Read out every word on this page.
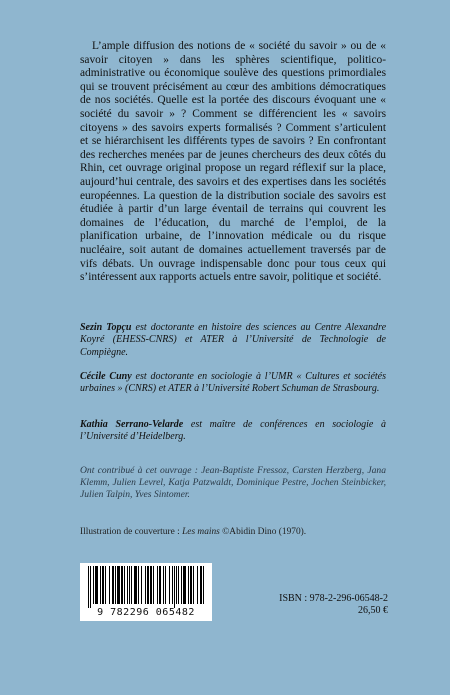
L’ample diffusion des notions de « société du savoir » ou de « savoir citoyen » dans les sphères scientifique, politico-administrative ou économique soulève des questions primordiales qui se trouvent précisément au cœur des ambitions démocratiques de nos sociétés. Quelle est la portée des discours évoquant une « société du savoir » ? Comment se différencient les « savoirs citoyens » des savoirs experts formalisés ? Comment s’articulent et se hiérarchisent les différents types de savoirs ? En confrontant des recherches menées par de jeunes chercheurs des deux côtés du Rhin, cet ouvrage original propose un regard réflexif sur la place, aujourd’hui centrale, des savoirs et des expertises dans les sociétés européennes. La question de la distribution sociale des savoirs est étudiée à partir d’un large éventail de terrains qui couvrent les domaines de l’éducation, du marché de l’emploi, de la planification urbaine, de l’innovation médicale ou du risque nucléaire, soit autant de domaines actuellement traversés par de vifs débats. Un ouvrage indispensable donc pour tous ceux qui s’intéressent aux rapports actuels entre savoir, politique et société.

Sezin Topçu est doctorante en histoire des sciences au Centre Alexandre Koyré (EHESS-CNRS) et ATER à l’Université de Technologie de Compiègne.

Cécile Cuny est doctorante en sociologie à l’UMR « Cultures et sociétés urbaines » (CNRS) et ATER à l’Université Robert Schuman de Strasbourg.

Kathia Serrano-Velarde est maître de conférences en sociologie à l’Université d’Heidelberg.

Ont contribué à cet ouvrage : Jean-Baptiste Fressoz, Carsten Herzberg, Jana Klemm, Julien Levrel, Katja Patzwaldt, Dominique Pestre, Jochen Steinbicker, Julien Talpin, Yves Sintomer.

Illustration de couverture : Les mains ©Abidin Dino (1970).

9 782296 065482
ISBN : 978-2-296-06548-2
26,50 €
